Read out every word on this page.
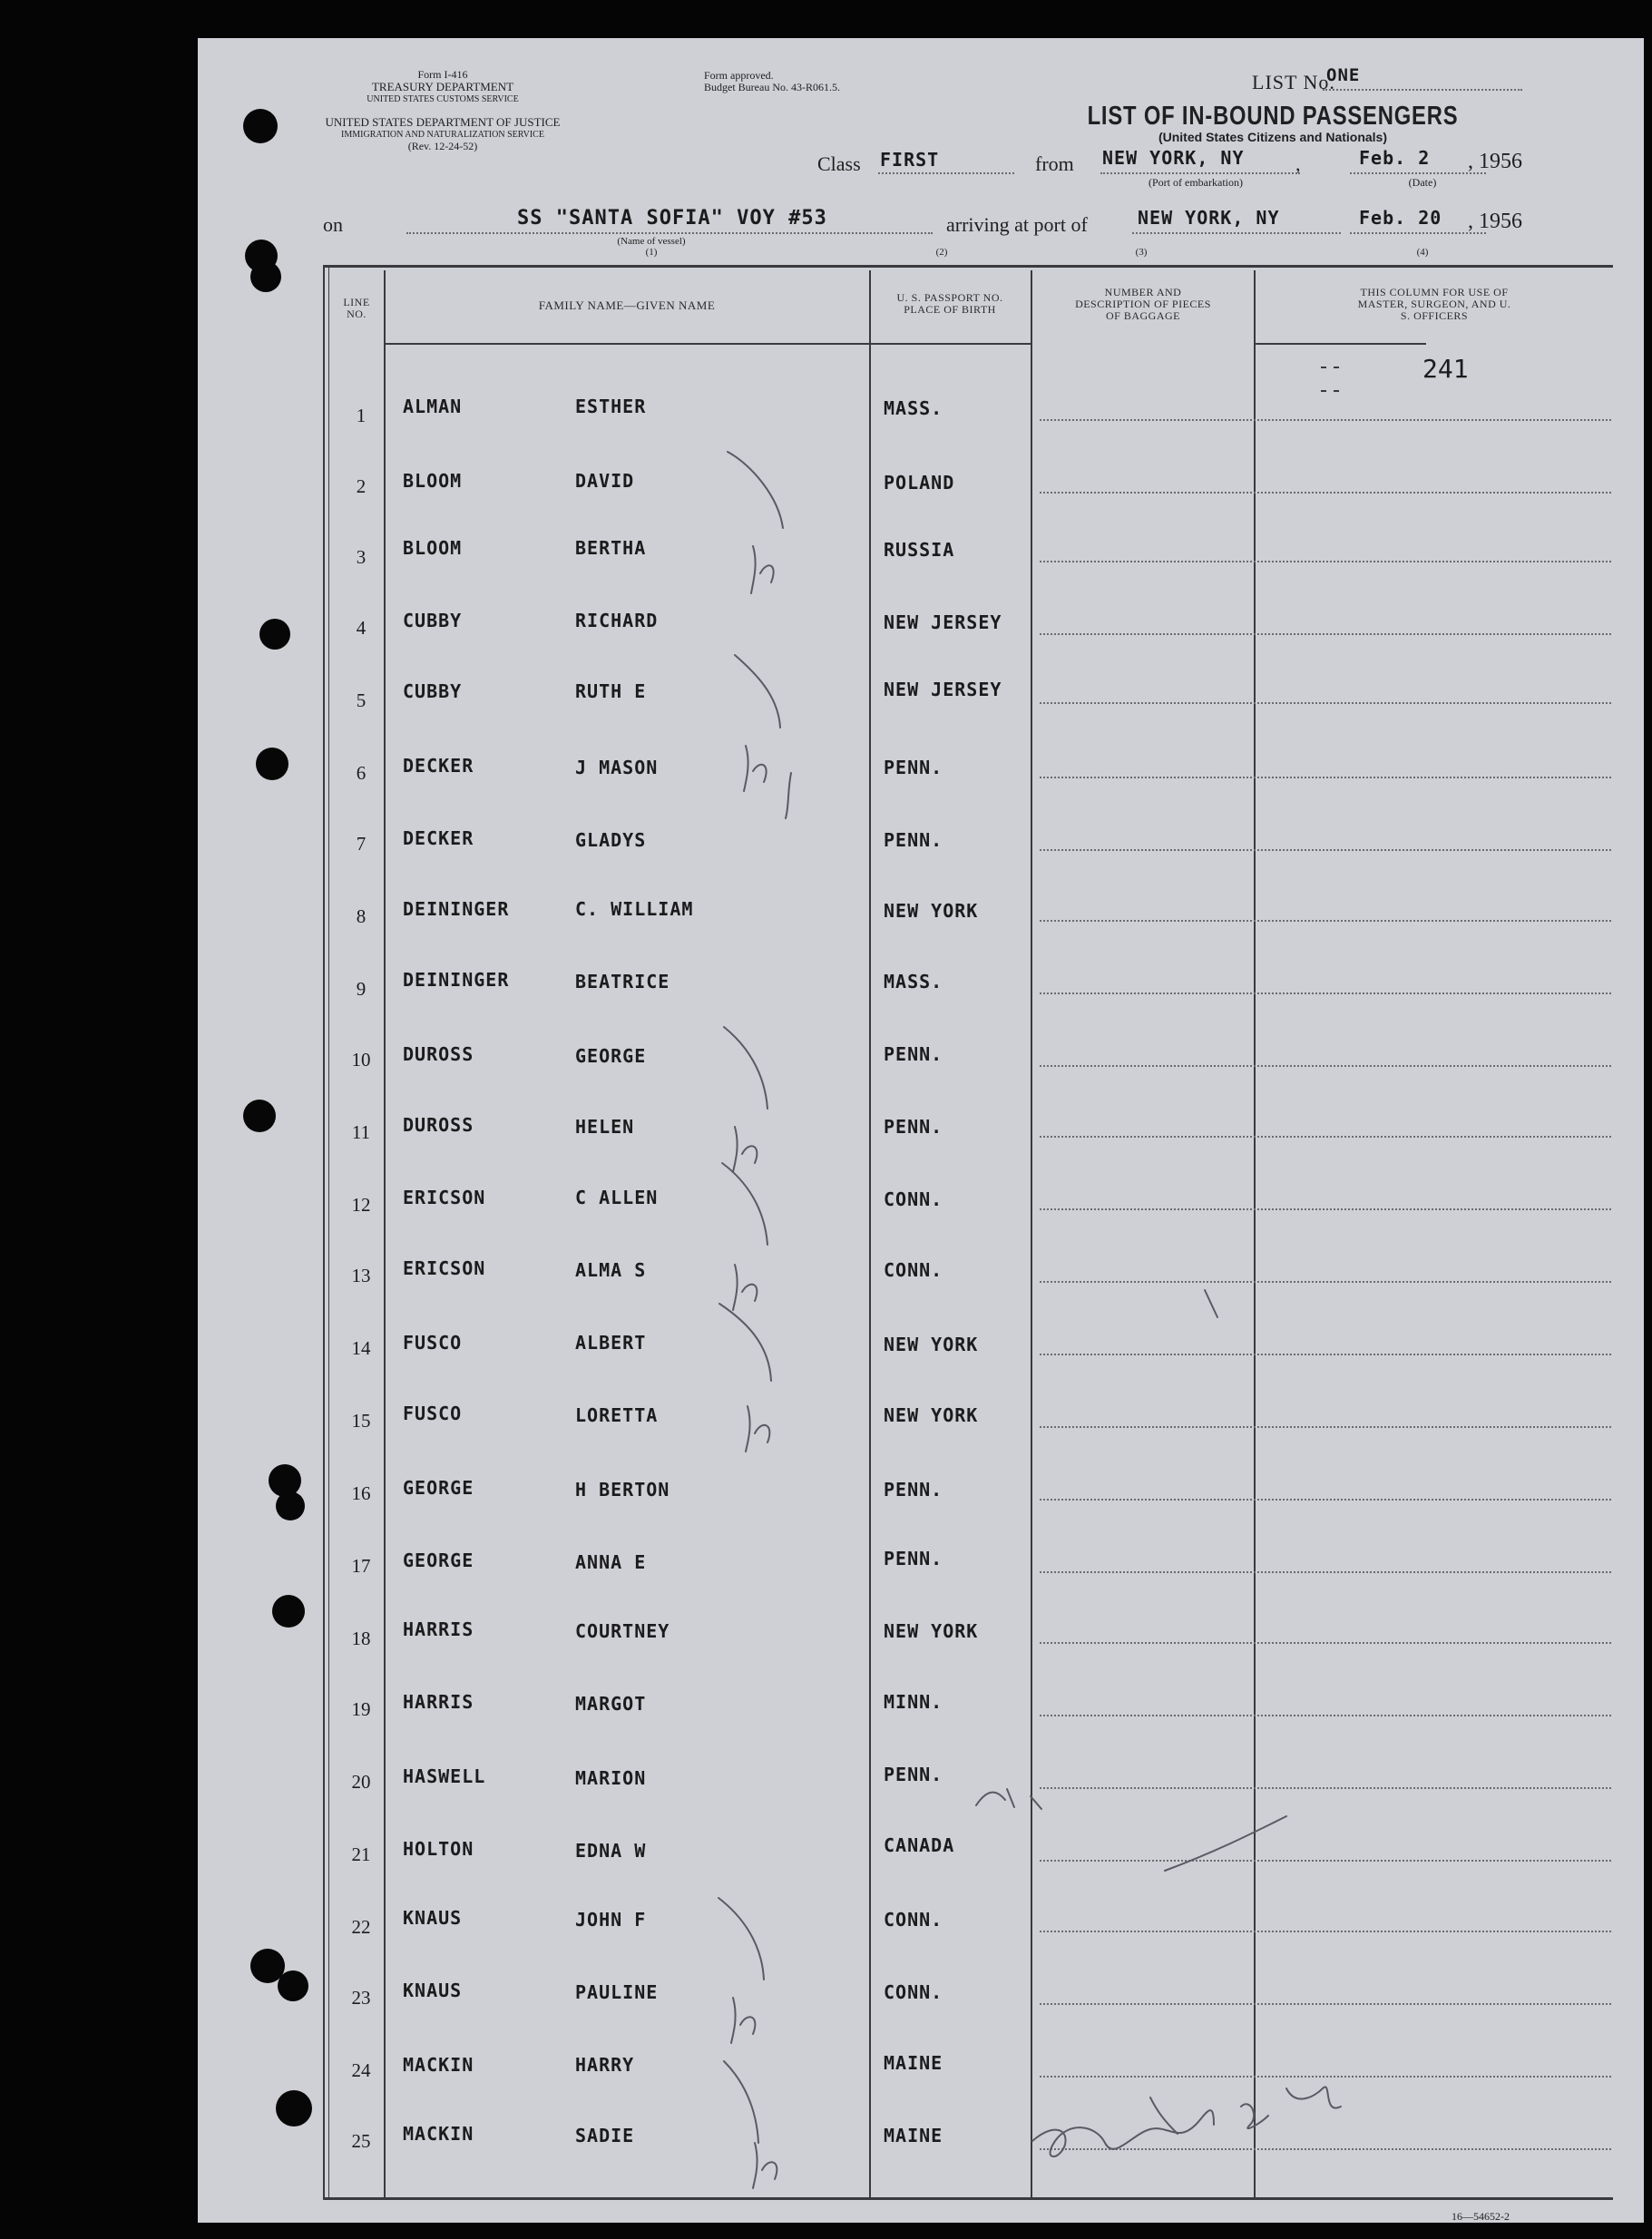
Form I-416
TREASURY DEPARTMENT
UNITED STATES CUSTOMS SERVICE
UNITED STATES DEPARTMENT OF JUSTICE
IMMIGRATION AND NATURALIZATION SERVICE
(Rev. 12-24-52)
Form approved.
Budget Bureau No. 43-R061.5.	LIST No.
ONE
LIST OF IN-BOUND PASSENGERS
(United States Citizens and Nationals)
Class FIRST	from NEW YORK, NY	,
(Port of embarkation)
Feb. 2 , 1956
(Date)
on	SS "SANTA SOFIA" VOY #53
(Name of vessel)
(1)	(2)
arriving at port of	NEW YORK, NY
(3)
Feb. 20 , 1956
(4)
LINE NO.
FAMILY NAME—GIVEN NAME
U. S. PASSPORT NO. PLACE OF BIRTH
NUMBER AND DESCRIPTION OF PIECES OF BAGGAGE
THIS COLUMN FOR USE OF MASTER, SURGEON, AND U. S. OFFICERS
241
1	ALMAN	ESTHER	MASS.
2	BLOOM	DAVID	POLAND
3	BLOOM	BERTHA	RUSSIA
4	CUBBY	RICHARD	NEW JERSEY
5	CUBBY	RUTH E	NEW JERSEY
6	DECKER	J MASON	PENN.
7	DECKER	GLADYS	PENN.
8	DEININGER	C. WILLIAM	NEW YORK
9	DEININGER	BEATRICE	MASS.
10	DUROSS	GEORGE	PENN.
11	DUROSS	HELEN	PENN.
12	ERICSON	C ALLEN	CONN.
13	ERICSON	ALMA S	CONN.
14	FUSCO	ALBERT	NEW YORK
15	FUSCO	LORETTA	NEW YORK
16	GEORGE	H BERTON	PENN.
17	GEORGE	ANNA E	PENN.
18	HARRIS	COURTNEY	NEW YORK
19	HARRIS	MARGOT	MINN.
20	HASWELL	MARION	PENN.
21	HOLTON	EDNA W	CANADA
22	KNAUS	JOHN F	CONN.
23	KNAUS	PAULINE	CONN.
24	MACKIN	HARRY	MAINE
25	MACKIN	SADIE	MAINE
16—54652-2
